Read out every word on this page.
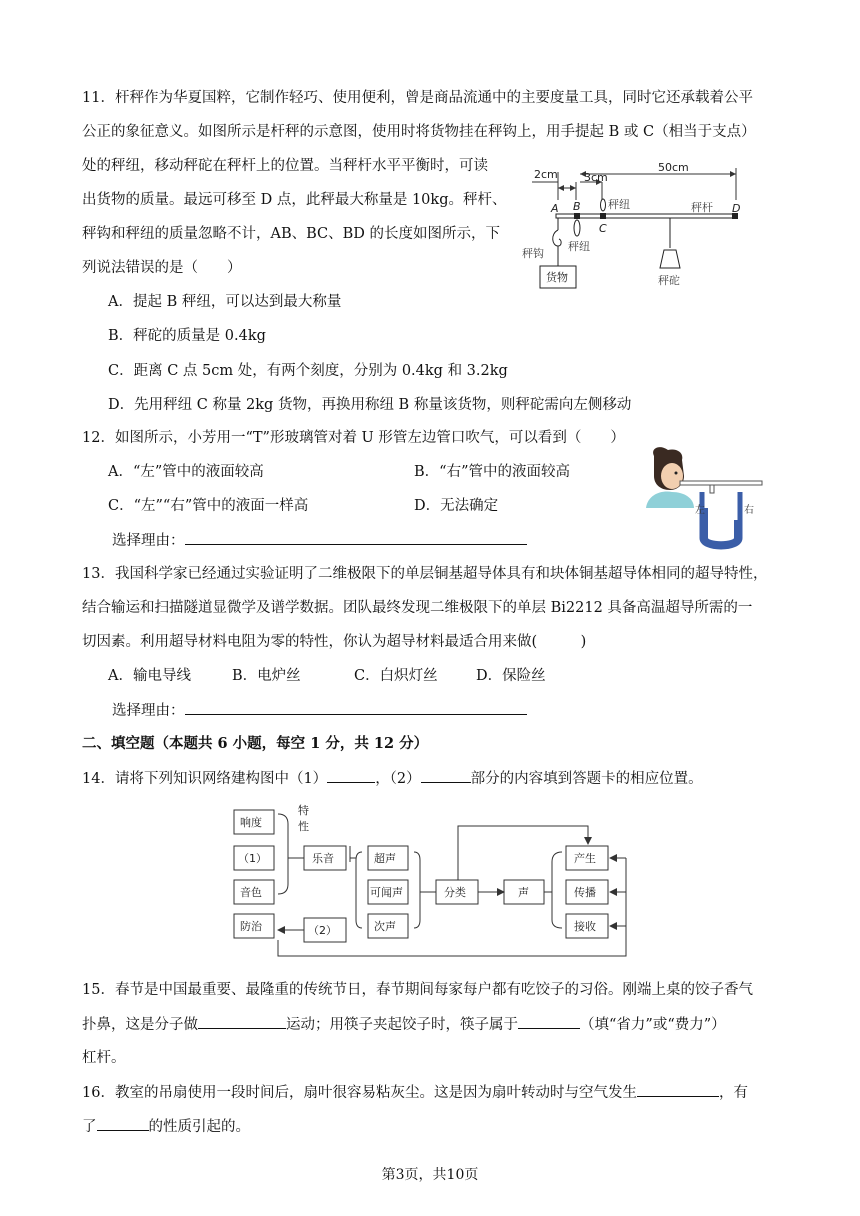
11．杆秤作为华夏国粹，它制作轻巧、使用便利，曾是商品流通中的主要度量工具，同时它还承载着公平
公正的象征意义。如图所示是杆秤的示意图，使用时将货物挂在秤钩上，用手提起 B 或 C（相当于支点）
处的秤纽，移动秤砣在秤杆上的位置。当秤杆水平平衡时，可读
出货物的质量。最远可移至 D 点，此秤最大称量是 10kg。秤杆、
秤钩和秤纽的质量忽略不计，AB、BC、BD 的长度如图所示，下
列说法错误的是（　　）
A．提起 B 秤纽，可以达到最大称量
B．秤砣的质量是 0.4kg
C．距离 C 点 5cm 处，有两个刻度，分别为 0.4kg 和 3.2kg
D．先用秤纽 C 称量 2kg 货物，再换用称纽 B 称量该货物，则秤砣需向左侧移动
2cm 3cm
50cm
A B
C
D
秤杆
秤纽
秤纽
秤钩
货物	秤砣
12．如图所示，小芳用一“T”形玻璃管对着 U 形管左边管口吹气，可以看到（　　）
A．“左”管中的液面较高	B．“右”管中的液面较高
C．“左”“右”管中的液面一样高	D．无法确定
选择理由：
左	右
13．我国科学家已经通过实验证明了二维极限下的单层铜基超导体具有和块体铜基超导体相同的超导特性，
结合输运和扫描隧道显微学及谱学数据。团队最终发现二维极限下的单层 Bi2212 具备高温超导所需的一
切因素。利用超导材料电阻为零的特性，你认为超导材料最适合用来做(　　　)
A．输电导线	B．电炉丝	C．白炽灯丝	D．保险丝
选择理由：
二、填空题（本题共 6 小题，每空 1 分，共 12 分）
14．请将下列知识网络建构图中（1）	，（2）	部分的内容填到答题卡的相应位置。
响度
（1）
音色
防治
特
性
乐音
（2）
超声
可闻声
次声
分类	声
产生
传播
接收
15．春节是中国最重要、最隆重的传统节日，春节期间每家每户都有吃饺子的习俗。刚端上桌的饺子香气
扑鼻，这是分子做	运动；用筷子夹起饺子时，筷子属于	（填“省力”或“费力”）
杠杆。
16．教室的吊扇使用一段时间后，扇叶很容易粘灰尘。这是因为扇叶转动时与空气发生	，有
了	的性质引起的。
第3页，共10页
